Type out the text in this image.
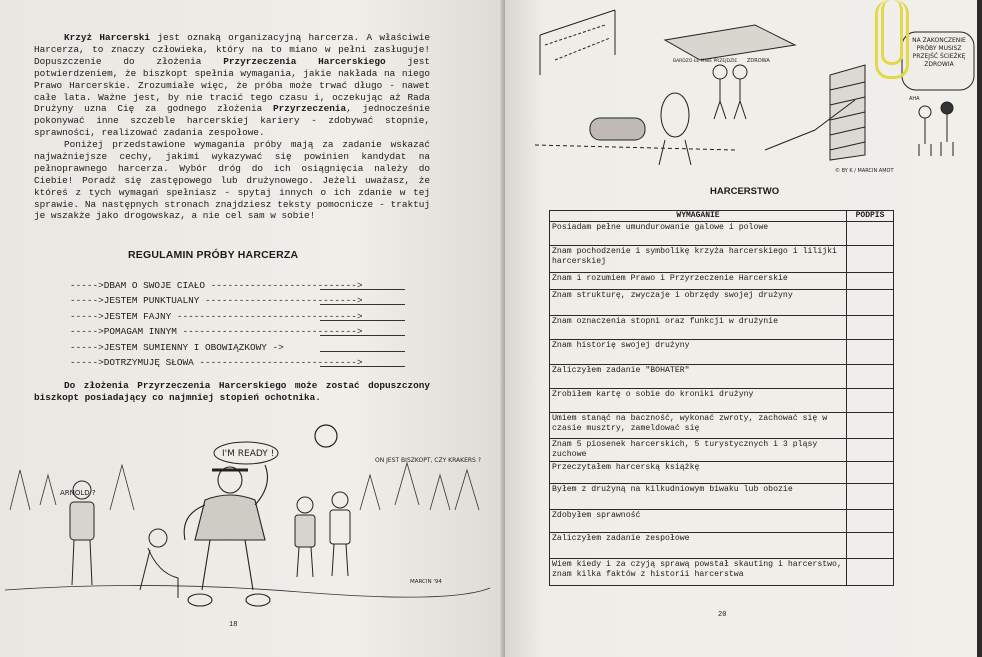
Krzyż Harcerski jest oznaką organizacyjną harcerza. A właściwie Harcerza, to znaczy człowieka, który na to miano w pełni zasługuje! Dopuszczenie do złożenia Przyrzeczenia Harcerskiego jest potwierdzeniem, że biszkopt spełnia wymagania, jakie nakłada na niego Prawo Harcerskie. Zrozumiałe więc, że próba może trwać długo - nawet całe lata. Ważne jest, by nie tracić tego czasu i, oczekując aż Rada Drużyny uzna Cię za godnego złożenia Przyrzeczenia, jednocześnie pokonywać inne szczeble harcerskiej kariery - zdobywać stopnie, sprawności, realizować zadania zespołowe.
Poniżej przedstawione wymagania próby mają za zadanie wskazać najważniejsze cechy, jakimi wykazywać się powinien kandydat na pełnoprawnego harcerza. Wybór dróg do ich osiągnięcia należy do Ciebie! Poradź się zastępowego lub drużynowego. Jeżeli uważasz, że któreś z tych wymagań spełniasz - spytaj innych o ich zdanie w tej sprawie. Na następnych stronach znajdziesz teksty pomocnicze - traktuj je wszakże jako drogowskaz, a nie cel sam w sobie!
REGULAMIN PRÓBY HARCERZA
----->DBAM O SWOJE CIAŁO -------------------------->
----->JESTEM PUNKTUALNY --------------------------->
----->JESTEM FAJNY -------------------------------->
----->POMAGAM INNYM ------------------------------->
----->JESTEM SUMIENNY I OBOWIĄZKOWY ->
----->DOTRZYMUJĘ SŁOWA ---------------------------->
Do złożenia Przyrzeczenia Harcerskiego może zostać dopuszczony biszkopt posiadający co najmniej stopień ochotnika.
I'M READY !
ARNOLD ?
ON JEST BISZKOPT, CZY KRAKERS ?
MARCIN '94
18
BARDZO ŁE MNIE PRZEJDZIE ZDROWA
NA ZAKOŃCZENIE PRÓBY MUSISZ PRZEJŚĆ ŚCIEŻKĘ ZDROWIA
AHA
© BY K / MARCIN AMOT
HARCERSTWO
WYMAGANIE	PODPIS
Posiadam pełne umundurowanie galowe i polowe	
Znam pochodzenie i symbolikę krzyża harcerskiego i lilijki harcerskiej	
Znam i rozumiem Prawo i Przyrzeczenie Harcerskie	
Znam strukturę, zwyczaje i obrzędy swojej drużyny	
Znam oznaczenia stopni oraz funkcji w drużynie	
Znam historię swojej drużyny	
Zaliczyłem zadanie "BOHATER"	
Zrobiłem kartę o sobie do kroniki drużyny	
Umiem stanąć na baczność, wykonać zwroty, zachować się w czasie musztry, zameldować się	
Znam 5 piosenek harcerskich, 5 turystycznych i 3 pląsy zuchowe	
Przeczytałem harcerską książkę	
Byłem z drużyną na kilkudniowym biwaku lub obozie	
Zdobyłem sprawność	
Zaliczyłem zadanie zespołowe	
Wiem kiedy i za czyją sprawą powstał skauting i harcerstwo, znam kilka faktów z historii harcerstwa	
20
